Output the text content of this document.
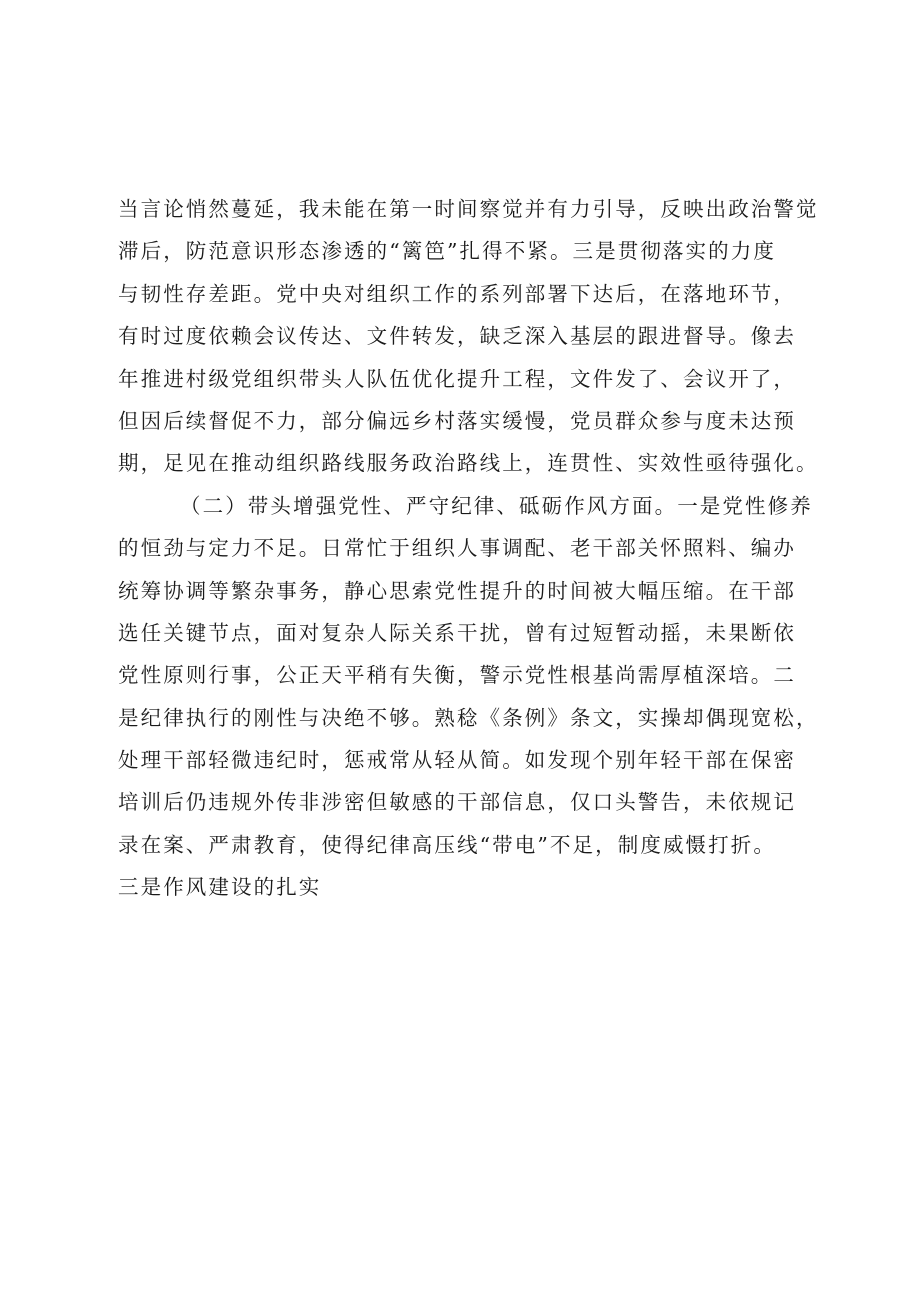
当言论悄然蔓延，我未能在第一时间察觉并有力引导，反映出政治警觉
滞后，防范意识形态渗透的“篱笆”扎得不紧。三是贯彻落实的力度
与韧性存差距。党中央对组织工作的系列部署下达后，在落地环节，
有时过度依赖会议传达、文件转发，缺乏深入基层的跟进督导。像去
年推进村级党组织带头人队伍优化提升工程，文件发了、会议开了，
但因后续督促不力，部分偏远乡村落实缓慢，党员群众参与度未达预
期，足见在推动组织路线服务政治路线上，连贯性、实效性亟待强化。
（二）带头增强党性、严守纪律、砥砺作风方面。一是党性修养
的恒劲与定力不足。日常忙于组织人事调配、老干部关怀照料、编办
统筹协调等繁杂事务，静心思索党性提升的时间被大幅压缩。在干部
选任关键节点，面对复杂人际关系干扰，曾有过短暂动摇，未果断依
党性原则行事，公正天平稍有失衡，警示党性根基尚需厚植深培。二
是纪律执行的刚性与决绝不够。熟稔《条例》条文，实操却偶现宽松，
处理干部轻微违纪时，惩戒常从轻从简。如发现个别年轻干部在保密
培训后仍违规外传非涉密但敏感的干部信息，仅口头警告，未依规记
录在案、严肃教育，使得纪律高压线“带电”不足，制度威慑打折。
三是作风建设的扎实
